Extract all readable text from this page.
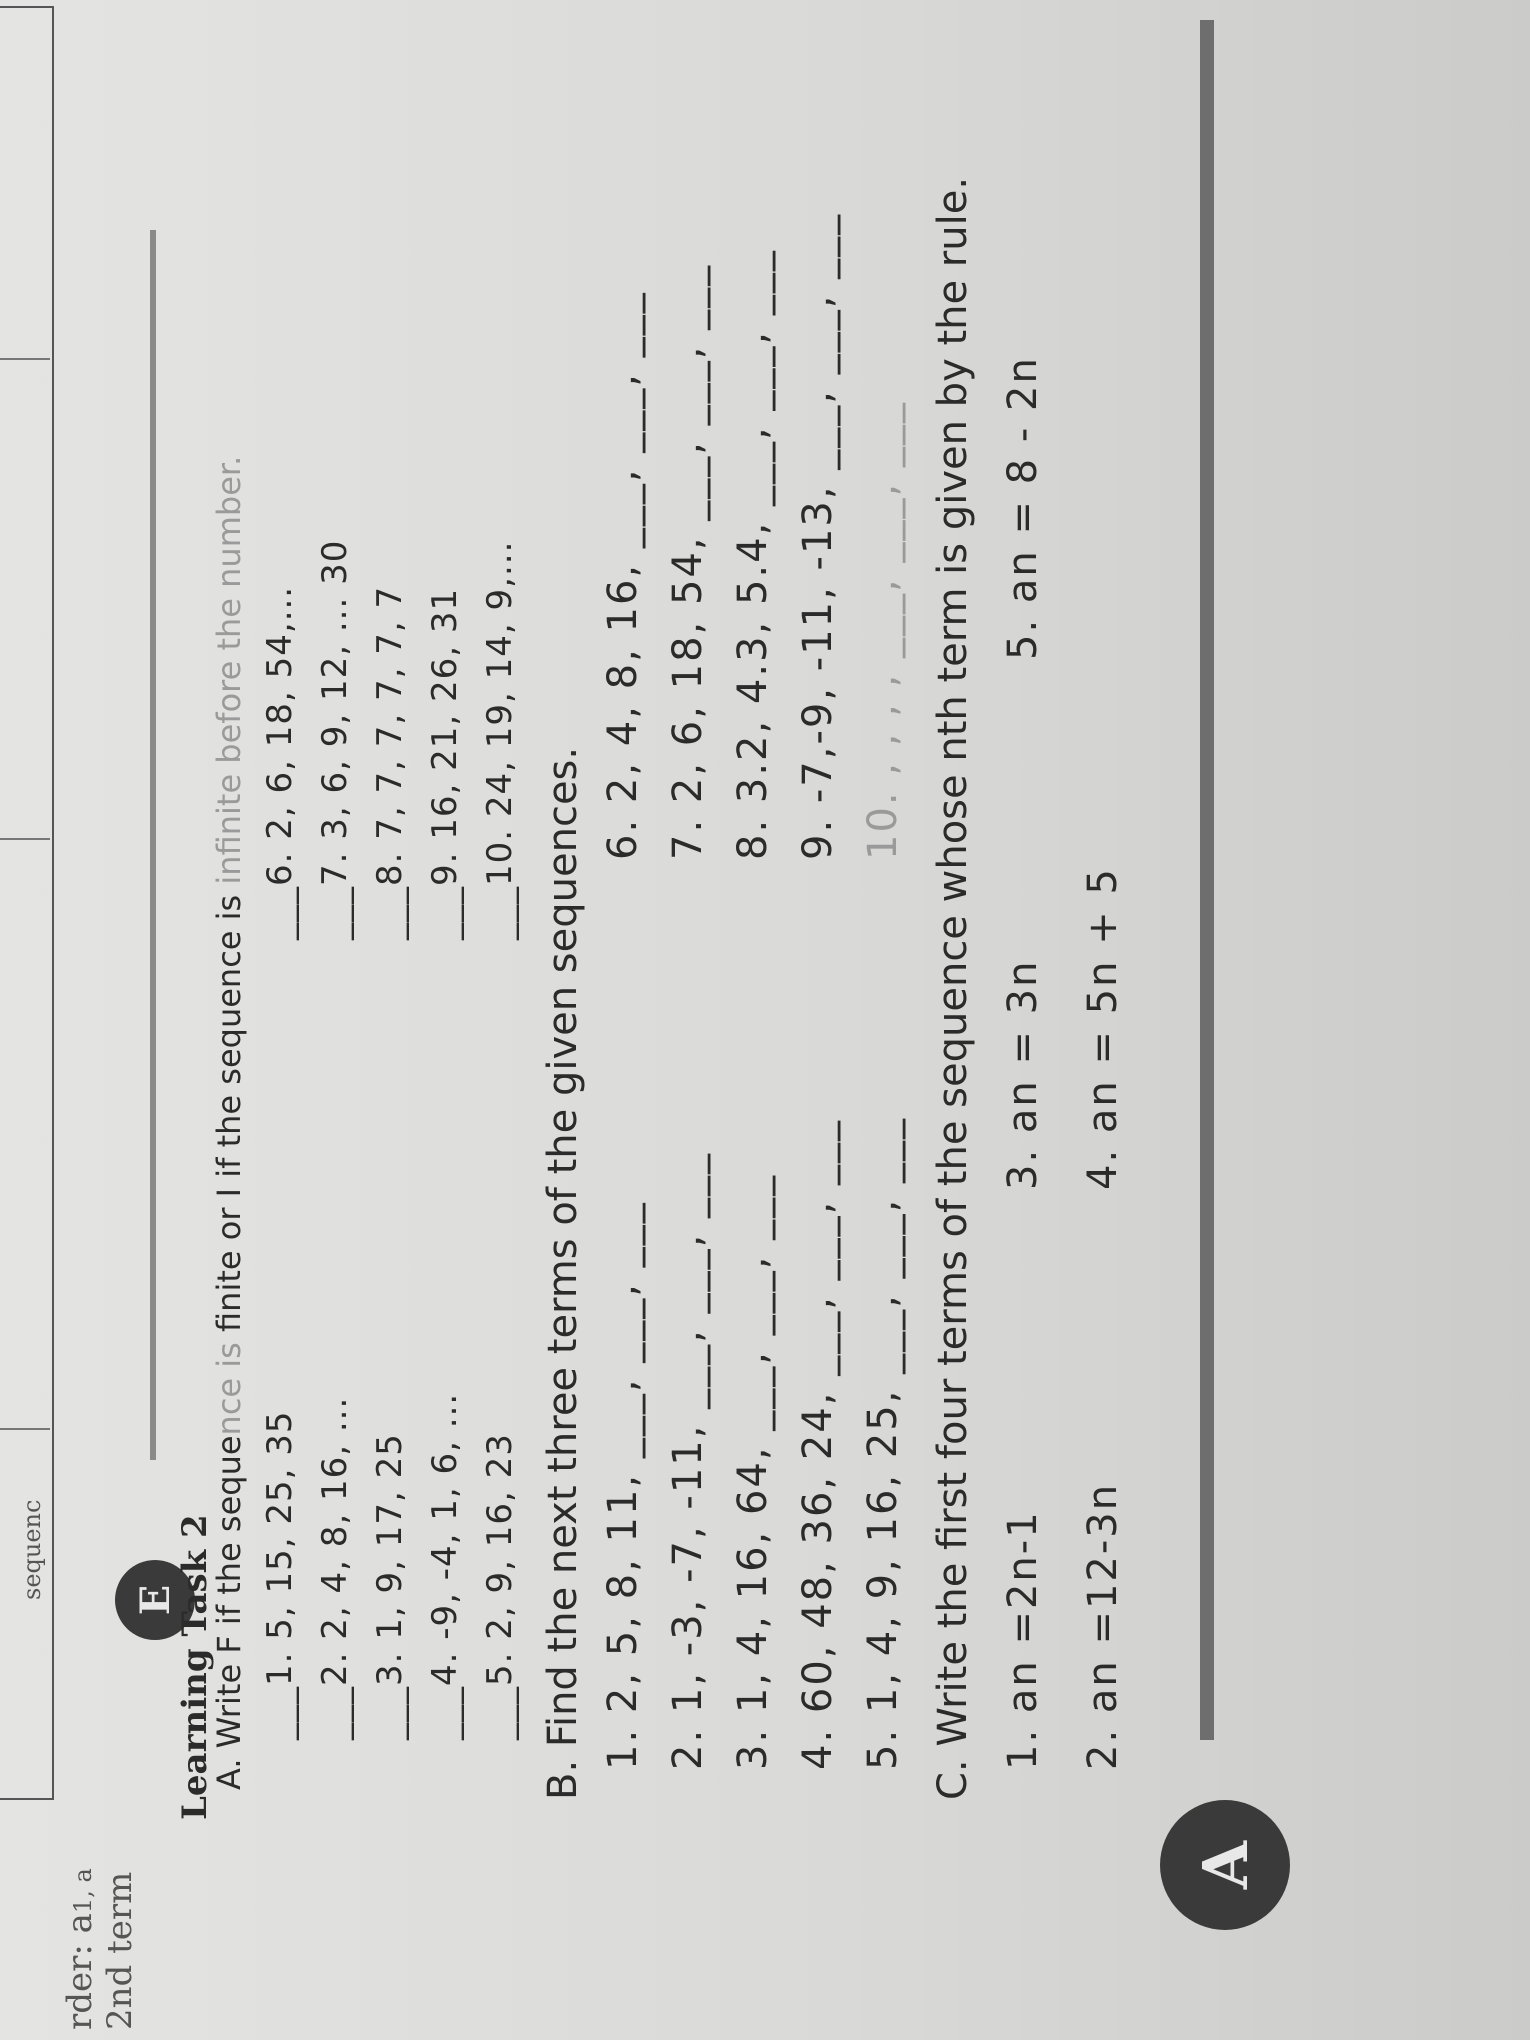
rder: a1, a 2nd term
sequenc E
Learning Task 2
A. Write F if the sequence is finite or I if the sequence is infinite before the number.
___1. 5, 15, 25, 35 ___2. 2, 4, 8, 16, ... ___3. 1, 9, 17, 25 ___4. -9, -4, 1, 6, ... ___5. 2, 9, 16, 23
___6. 2, 6, 18, 54,... ___7. 3, 6, 9, 12, ... 30 ___8. 7, 7, 7, 7, 7, 7 ___9. 16, 21, 26, 31 ___10. 24, 19, 14, 9,...
B. Find the next three terms of the given sequences. 1. 2, 5, 8, 11, ___, ___, ___ 2. 1, -3, -7, -11, ___, ___, ___ 3. 1, 4, 16, 64, ___, ___, ___ 4. 60, 48, 36, 24, ___, ___, ___ 5. 1, 4, 9, 16, 25, ___, ___, ___
6. 2, 4, 8, 16, ___, ___, ___ 7. 2, 6, 18, 54, ___, ___, ___ 8. 3.2, 4.3, 5.4, ___, ___, ___ 9. -7,-9, -11, -13, ___, ___, ___ 10. , , , , ___, ___, ___ C. Write the first four terms of the sequence whose nth term is given by the rule. 1. an =2n-1 2. an =12-3n
3. an = 3n 4. an = 5n + 5
5. an = 8 - 2n
A
